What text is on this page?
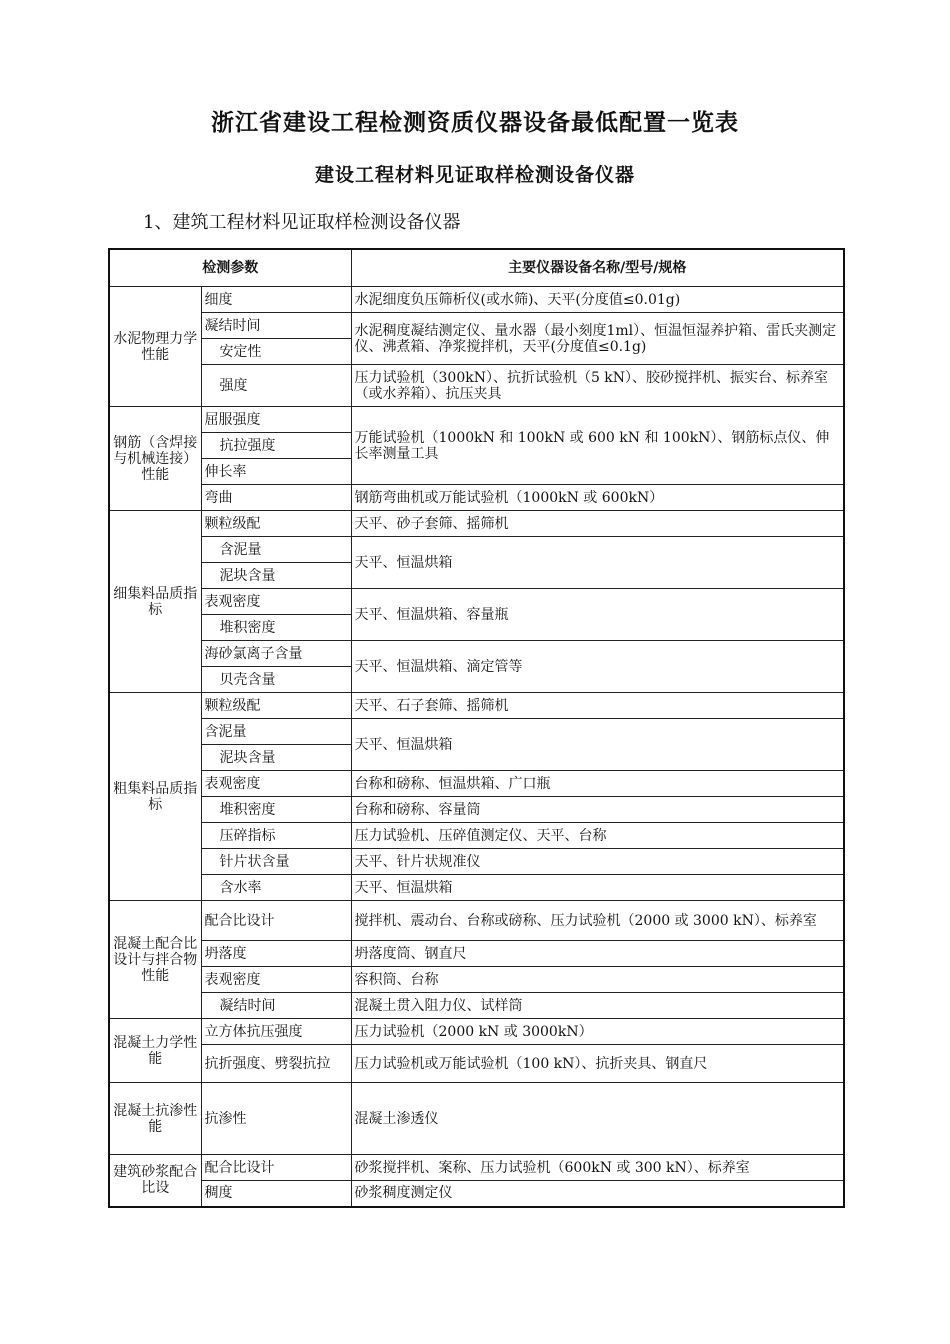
浙江省建设工程检测资质仪器设备最低配置一览表
建设工程材料见证取样检测设备仪器
1、建筑工程材料见证取样检测设备仪器
检测参数		主要仪器设备名称/型号/规格

水泥物理力学性能	细度	水泥细度负压筛析仪(或水筛)、天平(分度值≤0.01g)
	凝结时间	水泥稠度凝结测定仪、量水器（最小刻度1ml）、恒温恒湿养护箱、雷氏夹测定仪、沸煮箱、净浆搅拌机，天平(分度值≤0.1g)
	安定性	
	强度	压力试验机（300kN）、抗折试验机（5 kN）、胶砂搅拌机、振实台、标养室（或水养箱）、抗压夹具

钢筋（含焊接与机械连接）性能	屈服强度	万能试验机（1000kN 和 100kN 或 600 kN 和 100kN）、钢筋标点仪、伸长率测量工具
	抗拉强度	
	伸长率	
	弯曲	钢筋弯曲机或万能试验机（1000kN 或 600kN）

细集料品质指标	颗粒级配	天平、砂子套筛、摇筛机
	含泥量	天平、恒温烘箱
	泥块含量	
	表观密度	天平、恒温烘箱、容量瓶
	堆积密度	
	海砂氯离子含量	天平、恒温烘箱、滴定管等
	贝壳含量	

粗集料品质指标	颗粒级配	天平、石子套筛、摇筛机
	含泥量	天平、恒温烘箱
	泥块含量	
	表观密度	台称和磅称、恒温烘箱、广口瓶
	堆积密度	台称和磅称、容量筒
	压碎指标	压力试验机、压碎值测定仪、天平、台称
	针片状含量	天平、针片状规准仪
	含水率	天平、恒温烘箱

混凝土配合比设计与拌合物性能	配合比设计	搅拌机、震动台、台称或磅称、压力试验机（2000 或 3000 kN）、标养室
	坍落度	坍落度筒、钢直尺
	表观密度	容积筒、台称
	凝结时间	混凝土贯入阻力仪、试样筒

混凝土力学性能	立方体抗压强度	压力试验机（2000 kN 或 3000kN）
	抗折强度、劈裂抗拉	压力试验机或万能试验机（100 kN）、抗折夹具、钢直尺

混凝土抗渗性能	抗渗性	混凝土渗透仪

建筑砂浆配合比设	配合比设计	砂浆搅拌机、案称、压力试验机（600kN 或 300 kN）、标养室
	稠度	砂浆稠度测定仪
